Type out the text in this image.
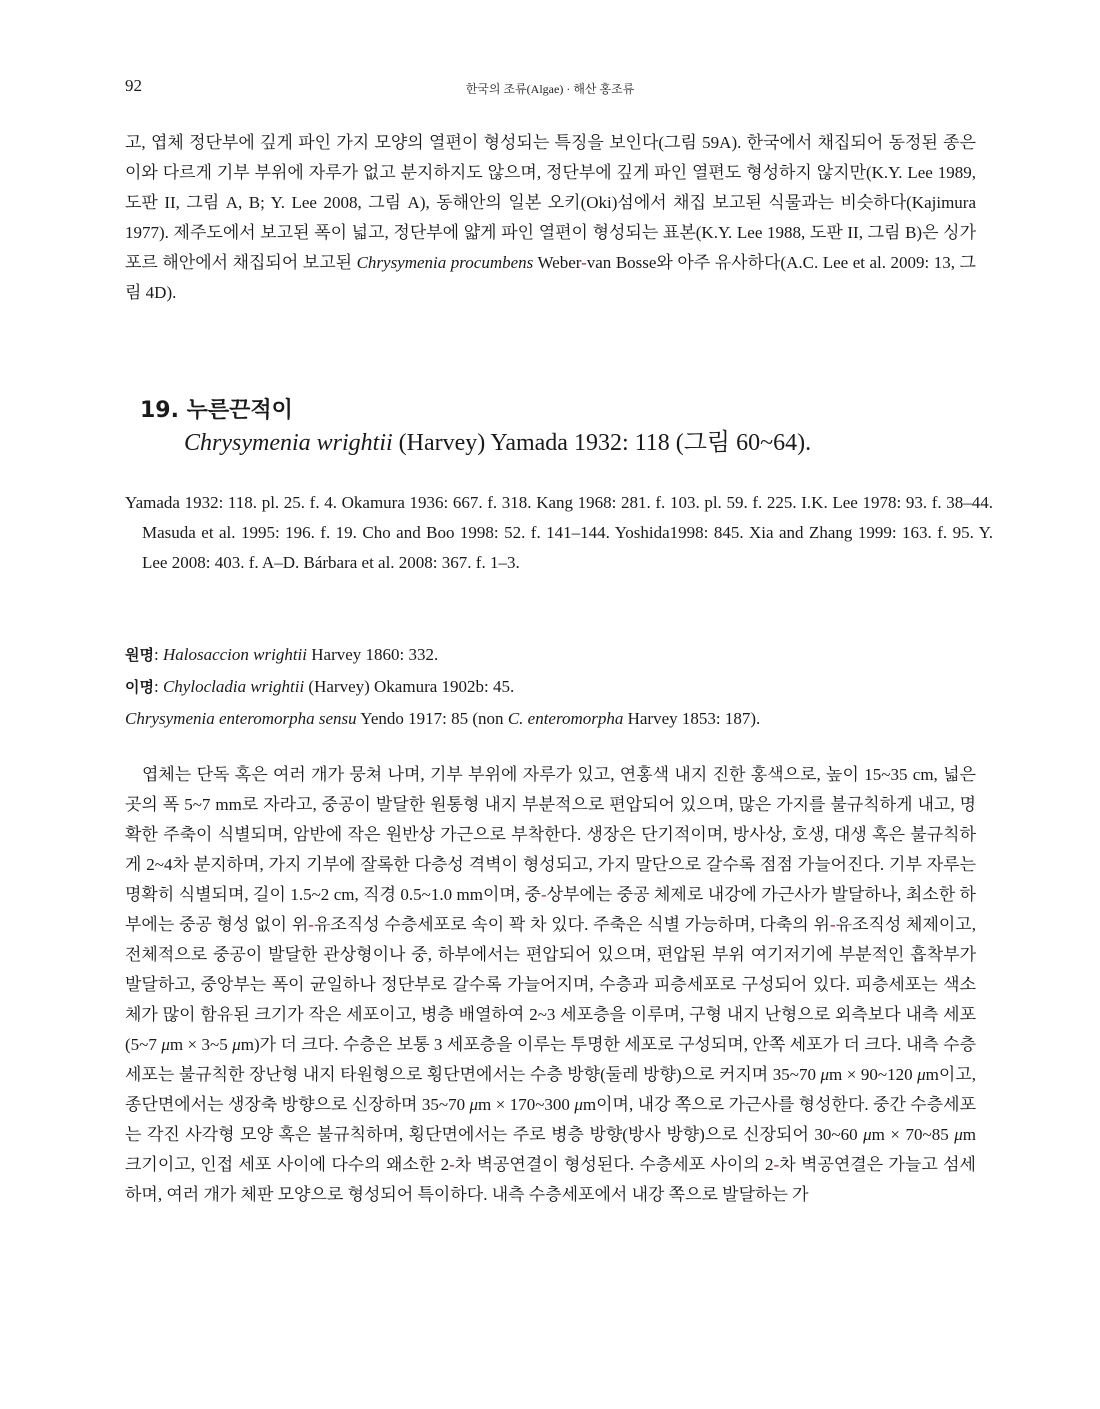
92	한국의 조류(Algae) · 해산 홍조류
고, 엽체 정단부에 깊게 파인 가지 모양의 열편이 형성되는 특징을 보인다(그림 59A). 한국에서 채집되어 동정된 종은 이와 다르게 기부 부위에 자루가 없고 분지하지도 않으며, 정단부에 깊게 파인 열편도 형성하지 않지만(K.Y. Lee 1989, 도판 II, 그림 A, B; Y. Lee 2008, 그림 A), 동해안의 일본 오키(Oki)섬에서 채집 보고된 식물과는 비슷하다(Kajimura 1977). 제주도에서 보고된 폭이 넓고, 정단부에 얇게 파인 열편이 형성되는 표본(K.Y. Lee 1988, 도판 II, 그림 B)은 싱가포르 해안에서 채집되어 보고된 Chrysymenia procumbens Weber-van Bosse와 아주 유사하다(A.C. Lee et al. 2009: 13, 그림 4D).
19. 누른끈적이
Chrysymenia wrightii (Harvey) Yamada 1932: 118 (그림 60~64).
Yamada 1932: 118. pl. 25. f. 4. Okamura 1936: 667. f. 318. Kang 1968: 281. f. 103. pl. 59. f. 225. I.K. Lee 1978: 93. f. 38–44. Masuda et al. 1995: 196. f. 19. Cho and Boo 1998: 52. f. 141–144. Yoshida1998: 845. Xia and Zhang 1999: 163. f. 95. Y. Lee 2008: 403. f. A–D. Bárbara et al. 2008: 367. f. 1–3.
원명: Halosaccion wrightii Harvey 1860: 332.
이명: Chylocladia wrightii (Harvey) Okamura 1902b: 45.
Chrysymenia enteromorpha sensu Yendo 1917: 85 (non C. enteromorpha Harvey 1853: 187).
엽체는 단독 혹은 여러 개가 뭉쳐 나며, 기부 부위에 자루가 있고, 연홍색 내지 진한 홍색으로, 높이 15~35 cm, 넓은 곳의 폭 5~7 mm로 자라고, 중공이 발달한 원통형 내지 부분적으로 편압되어 있으며, 많은 가지를 불규칙하게 내고, 명확한 주축이 식별되며, 암반에 작은 원반상 가근으로 부착한다. 생장은 단기적이며, 방사상, 호생, 대생 혹은 불규칙하게 2~4차 분지하며, 가지 기부에 잘록한 다층성 격벽이 형성되고, 가지 말단으로 갈수록 점점 가늘어진다. 기부 자루는 명확히 식별되며, 길이 1.5~2 cm, 직경 0.5~1.0 mm이며, 중-상부에는 중공 체제로 내강에 가근사가 발달하나, 최소한 하부에는 중공 형성 없이 위-유조직성 수층세포로 속이 꽉 차 있다. 주축은 식별 가능하며, 다축의 위-유조직성 체제이고, 전체적으로 중공이 발달한 관상형이나 중, 하부에서는 편압되어 있으며, 편압된 부위 여기저기에 부분적인 흡착부가 발달하고, 중앙부는 폭이 균일하나 정단부로 갈수록 가늘어지며, 수층과 피층세포로 구성되어 있다. 피층세포는 색소체가 많이 함유된 크기가 작은 세포이고, 병층 배열하여 2~3 세포층을 이루며, 구형 내지 난형으로 외측보다 내측 세포(5~7 μm × 3~5 μm)가 더 크다. 수층은 보통 3 세포층을 이루는 투명한 세포로 구성되며, 안쪽 세포가 더 크다. 내측 수층세포는 불규칙한 장난형 내지 타원형으로 횡단면에서는 수층 방향(둘레 방향)으로 커지며 35~70 μm × 90~120 μm이고, 종단면에서는 생장축 방향으로 신장하며 35~70 μm × 170~300 μm이며, 내강 쪽으로 가근사를 형성한다. 중간 수층세포는 각진 사각형 모양 혹은 불규칙하며, 횡단면에서는 주로 병층 방향(방사 방향)으로 신장되어 30~60 μm × 70~85 μm 크기이고, 인접 세포 사이에 다수의 왜소한 2-차 벽공연결이 형성된다. 수층세포 사이의 2-차 벽공연결은 가늘고 섬세하며, 여러 개가 체판 모양으로 형성되어 특이하다. 내측 수층세포에서 내강 쪽으로 발달하는 가
